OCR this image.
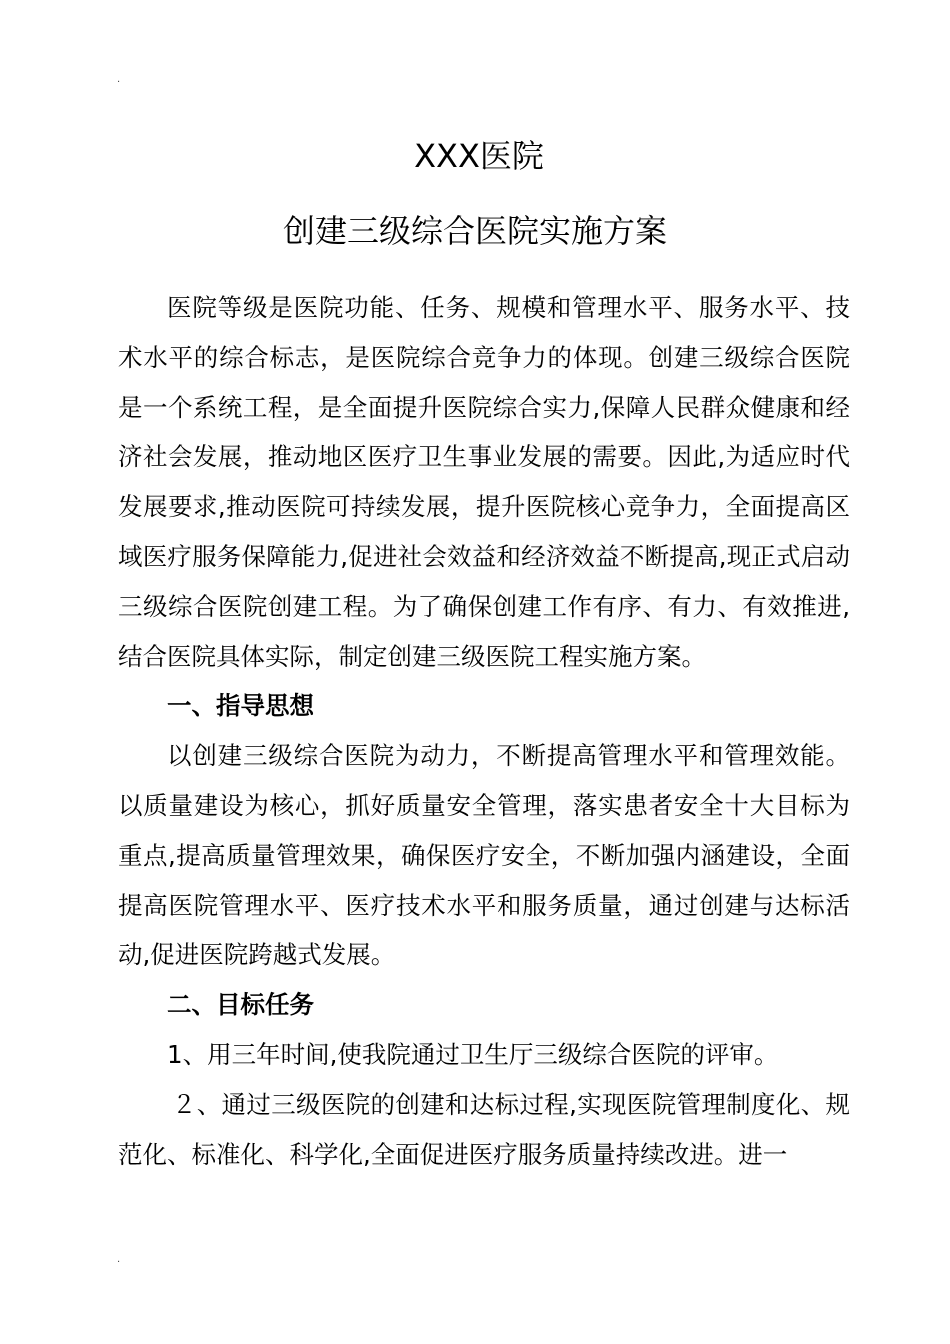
.
XXX医院
创建三级综合医院实施方案

医院等级是医院功能、任务、规模和管理水平、服务水平、技术水平的综合标志，是医院综合竞争力的体现。创建三级综合医院是一个系统工程，是全面提升医院综合实力,保障人民群众健康和经济社会发展，推动地区医疗卫生事业发展的需要。因此,为适应时代发展要求,推动医院可持续发展，提升医院核心竞争力，全面提高区域医疗服务保障能力,促进社会效益和经济效益不断提高,现正式启动三级综合医院创建工程。为了确保创建工作有序、有力、有效推进,结合医院具体实际，制定创建三级医院工程实施方案。

一、指导思想

以创建三级综合医院为动力，不断提高管理水平和管理效能。以质量建设为核心，抓好质量安全管理，落实患者安全十大目标为重点,提高质量管理效果，确保医疗安全，不断加强内涵建设，全面提高医院管理水平、医疗技术水平和服务质量，通过创建与达标活动,促进医院跨越式发展。

二、目标任务

1、用三年时间,使我院通过卫生厅三级综合医院的评审。

２、通过三级医院的创建和达标过程,实现医院管理制度化、规范化、标准化、科学化,全面促进医疗服务质量持续改进。进一

.
